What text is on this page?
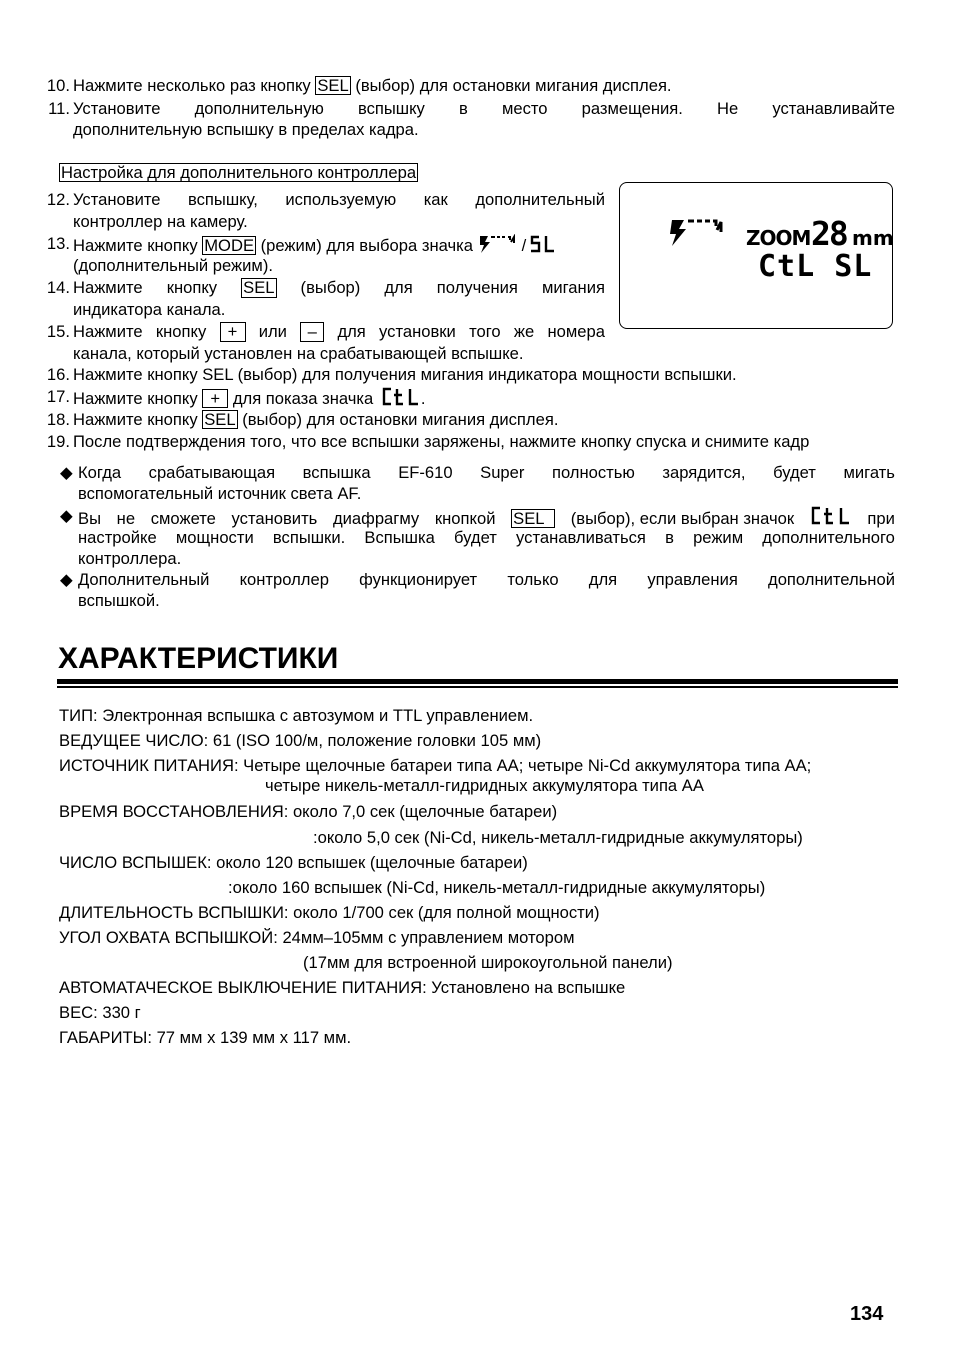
10. Нажмите несколько раз кнопку SEL (выбор) для остановки мигания дисплея.
11. Установите дополнительную вспышку в место размещения. Не устанавливайте
дополнительную вспышку в пределах кадра.
Настройка для дополнительного контроллера
12. Установите вспышку, используемую как дополнительный
контроллер на камеру.
13. Нажмите кнопку MODE (режим) для выбора значка	/
(дополнительный режим).
14. Нажмите кнопку SEL (выбор) для получения мигания
индикатора канала.
15. Нажмите кнопку	+	или	–	для установки того же номера
канала, который установлен на срабатывающей вспышке.
16. Нажмите кнопку SEL (выбор) для получения мигания индикатора мощности вспышки.
17. Нажмите кнопку + для показа значка	.
18. Нажмите кнопку SEL (выбор) для остановки мигания дисплея.
19. После подтверждения того, что все вспышки заряжены, нажмите кнопку спуска и снимите кадр
ZOOM 28 mm
CtL SL
◆ Когда срабатывающая вспышка EF-610 Super полностью зарядится, будет мигать
вспомогательный источник света AF.
◆ Вы не сможете установить диафрагму кнопкой SEL	(выбор), если выбран значок	при
настройке мощности вспышки. Вспышка будет устанавливаться в режим дополнительного
контроллера.
◆ Дополнительный контроллер функционирует только для управления дополнительной
вспышкой.
ХАРАКТЕРИСТИКИ
ТИП: Электронная вспышка с автозумом и TTL управлением.
ВЕДУЩЕЕ ЧИСЛО: 61 (ISO 100/м, положение головки 105 мм)
ИСТОЧНИК ПИТАНИЯ: Четыре щелочные батареи типа AA; четыре Ni-Cd аккумулятора типа AA;
четыре никель-металл-гидридных аккумулятора типа AA
ВРЕМЯ ВОССТАНОВЛЕНИЯ: около 7,0 сек (щелочные батареи)
:около 5,0 сек (Ni-Cd, никель-металл-гидридные аккумуляторы)
ЧИСЛО ВСПЫШЕК: около 120 вспышек (щелочные батареи)
:около 160 вспышек (Ni-Cd, никель-металл-гидридные аккумуляторы)
ДЛИТЕЛЬНОСТЬ ВСПЫШКИ: около 1/700 сек (для полной мощности)
УГОЛ ОХВАТА ВСПЫШКОЙ: 24мм–105мм с управлением мотором
(17мм для встроенной широкоугольной панели)
АВТОМАТАЧЕСКОЕ ВЫКЛЮЧЕНИЕ ПИТАНИЯ: Установлено на вспышке
ВЕС: 330 г
ГАБАРИТЫ: 77 мм x 139 мм x 117 мм.
134
